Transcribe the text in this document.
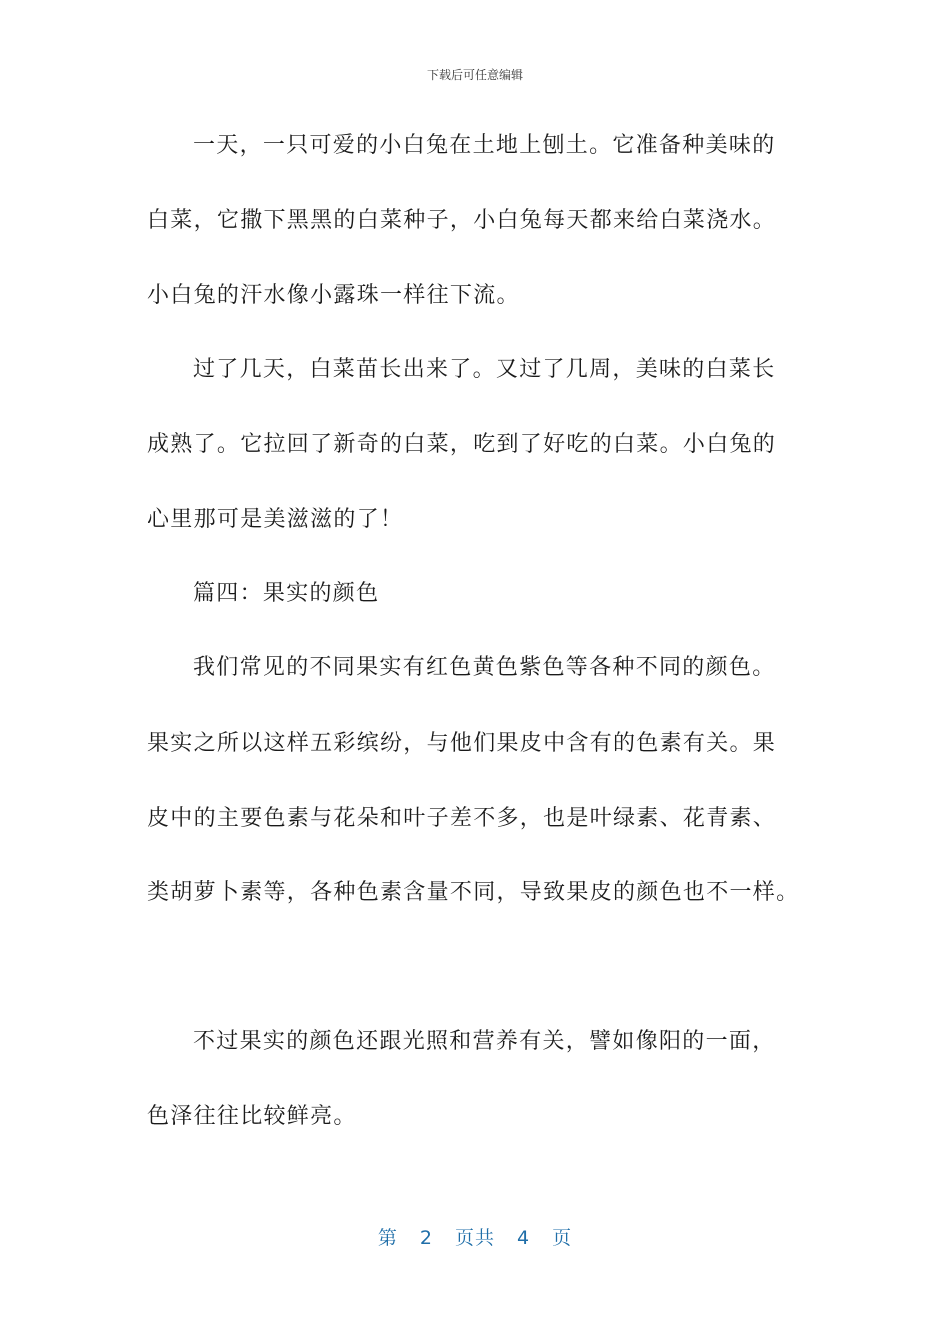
下载后可任意编辑
一天，一只可爱的小白兔在土地上刨土。它准备种美味的
白菜，它撒下黑黑的白菜种子，小白兔每天都来给白菜浇水。
小白兔的汗水像小露珠一样往下流。
过了几天，白菜苗长出来了。又过了几周，美味的白菜长
成熟了。它拉回了新奇的白菜，吃到了好吃的白菜。小白兔的
心里那可是美滋滋的了！
篇四：果实的颜色
我们常见的不同果实有红色黄色紫色等各种不同的颜色。
果实之所以这样五彩缤纷，与他们果皮中含有的色素有关。果
皮中的主要色素与花朵和叶子差不多，也是叶绿素、花青素、
类胡萝卜素等，各种色素含量不同，导致果皮的颜色也不一样。
不过果实的颜色还跟光照和营养有关，譬如像阳的一面，
色泽往往比较鲜亮。
第 2 页共 4 页
